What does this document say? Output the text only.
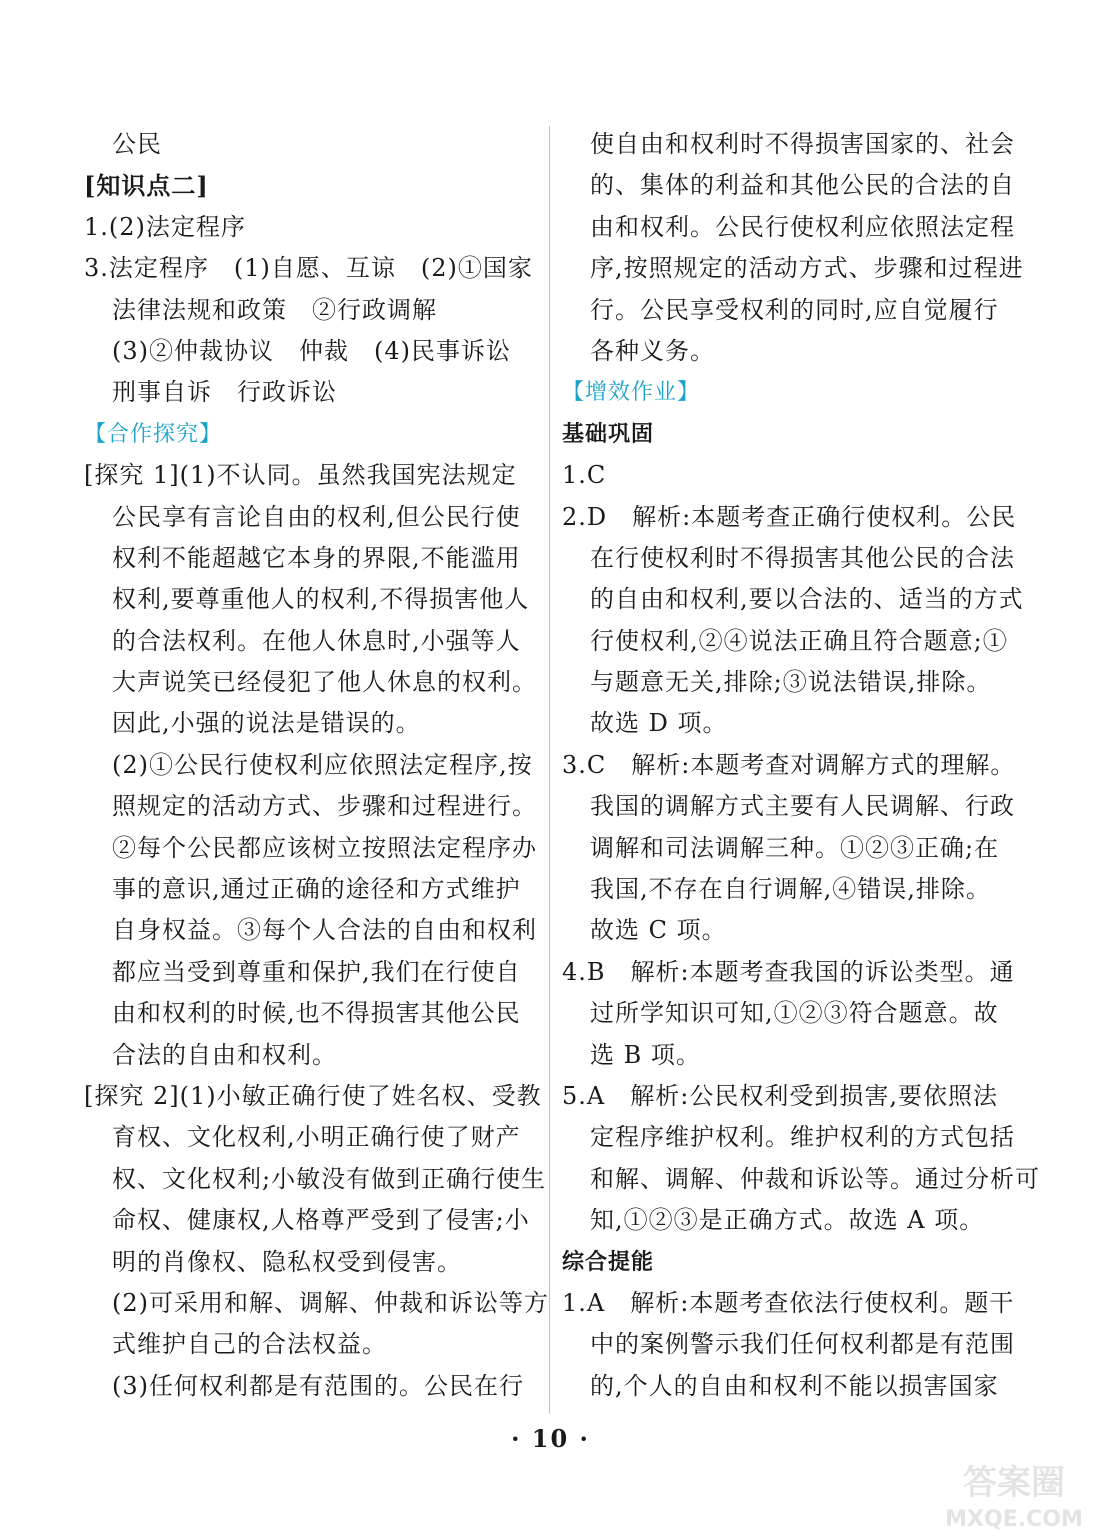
公民
[知识点二]
1.(2)法定程序
3.法定程序　(1)自愿、互谅　(2)①国家
法律法规和政策　②行政调解
(3)②仲裁协议　仲裁　(4)民事诉讼
刑事自诉　行政诉讼
【合作探究】
[探究 1](1)不认同。虽然我国宪法规定
公民享有言论自由的权利,但公民行使
权利不能超越它本身的界限,不能滥用
权利,要尊重他人的权利,不得损害他人
的合法权利。在他人休息时,小强等人
大声说笑已经侵犯了他人休息的权利。
因此,小强的说法是错误的。
(2)①公民行使权利应依照法定程序,按
照规定的活动方式、步骤和过程进行。
②每个公民都应该树立按照法定程序办
事的意识,通过正确的途径和方式维护
自身权益。③每个人合法的自由和权利
都应当受到尊重和保护,我们在行使自
由和权利的时候,也不得损害其他公民
合法的自由和权利。
[探究 2](1)小敏正确行使了姓名权、受教
育权、文化权利,小明正确行使了财产
权、文化权利;小敏没有做到正确行使生
命权、健康权,人格尊严受到了侵害;小
明的肖像权、隐私权受到侵害。
(2)可采用和解、调解、仲裁和诉讼等方
式维护自己的合法权益。
(3)任何权利都是有范围的。公民在行
使自由和权利时不得损害国家的、社会
的、集体的利益和其他公民的合法的自
由和权利。公民行使权利应依照法定程
序,按照规定的活动方式、步骤和过程进
行。公民享受权利的同时,应自觉履行
各种义务。
【增效作业】
基础巩固
1.C
2.D　解析:本题考查正确行使权利。公民
在行使权利时不得损害其他公民的合法
的自由和权利,要以合法的、适当的方式
行使权利,②④说法正确且符合题意;①
与题意无关,排除;③说法错误,排除。
故选 D 项。
3.C　解析:本题考查对调解方式的理解。
我国的调解方式主要有人民调解、行政
调解和司法调解三种。①②③正确;在
我国,不存在自行调解,④错误,排除。
故选 C 项。
4.B　解析:本题考查我国的诉讼类型。通
过所学知识可知,①②③符合题意。故
选 B 项。
5.A　解析:公民权利受到损害,要依照法
定程序维护权利。维护权利的方式包括
和解、调解、仲裁和诉讼等。通过分析可
知,①②③是正确方式。故选 A 项。
综合提能
1.A　解析:本题考查依法行使权利。题干
中的案例警示我们任何权利都是有范围
的,个人的自由和权利不能以损害国家
· 10 ·
答案圈
MXQE.COM
